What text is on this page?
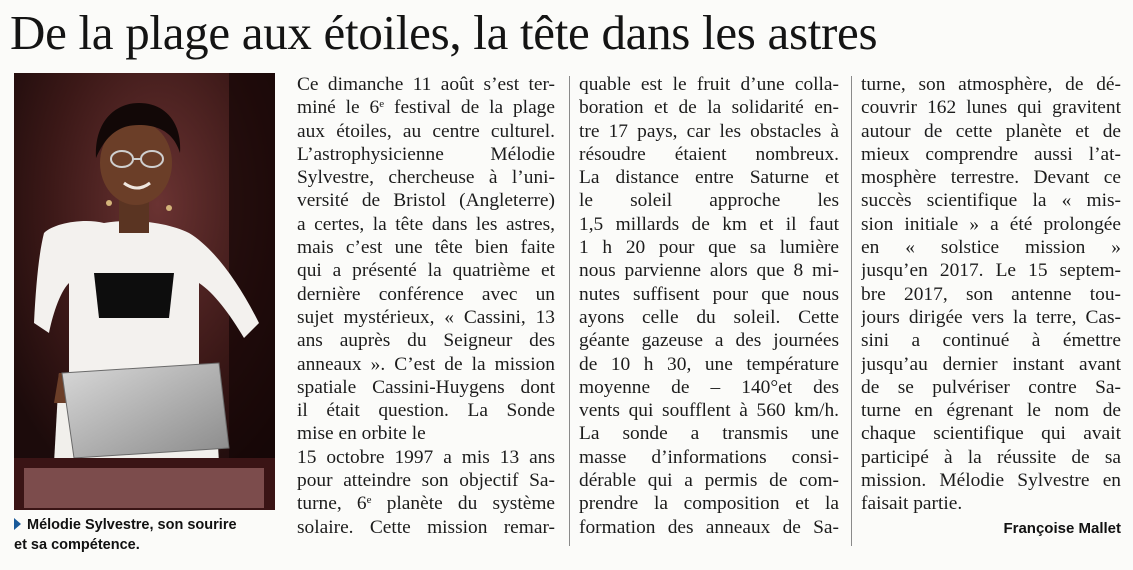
De la plage aux étoiles, la tête dans les astres
Mélodie Sylvestre, son sourire
et sa compétence.
Ce dimanche 11 août s’est ter-
miné le 6e festival de la plage
aux étoiles, au centre culturel.
L’astrophysicienne Mélodie
Sylvestre, chercheuse à l’uni-
versité de Bristol (Angleterre)
a certes, la tête dans les astres,
mais c’est une tête bien faite
qui a présenté la quatrième et
dernière conférence avec un
sujet mystérieux, « Cassini, 13
ans auprès du Seigneur des
anneaux ». C’est de la mission
spatiale Cassini-Huygens dont
il était question. La Sonde
mise en orbite le
15 octobre 1997 a mis 13 ans
pour atteindre son objectif Sa-
turne, 6e planète du système
solaire. Cette mission remar-
quable est le fruit d’une colla-
boration et de la solidarité en-
tre 17 pays, car les obstacles à
résoudre étaient nombreux.
La distance entre Saturne et
le soleil approche les
1,5 millards de km et il faut
1 h 20 pour que sa lumière
nous parvienne alors que 8 mi-
nutes suffisent pour que nous
ayons celle du soleil. Cette
géante gazeuse a des journées
de 10 h 30, une température
moyenne de – 140°et des
vents qui soufflent à 560 km/h.
La sonde a transmis une
masse d’informations consi-
dérable qui a permis de com-
prendre la composition et la
formation des anneaux de Sa-
turne, son atmosphère, de dé-
couvrir 162 lunes qui gravitent
autour de cette planète et de
mieux comprendre aussi l’at-
mosphère terrestre. Devant ce
succès scientifique la « mis-
sion initiale » a été prolongée
en « solstice mission »
jusqu’en 2017. Le 15 septem-
bre 2017, son antenne tou-
jours dirigée vers la terre, Cas-
sini a continué à émettre
jusqu’au dernier instant avant
de se pulvériser contre Sa-
turne en égrenant le nom de
chaque scientifique qui avait
participé à la réussite de sa
mission. Mélodie Sylvestre en
faisait partie.
Françoise Mallet
